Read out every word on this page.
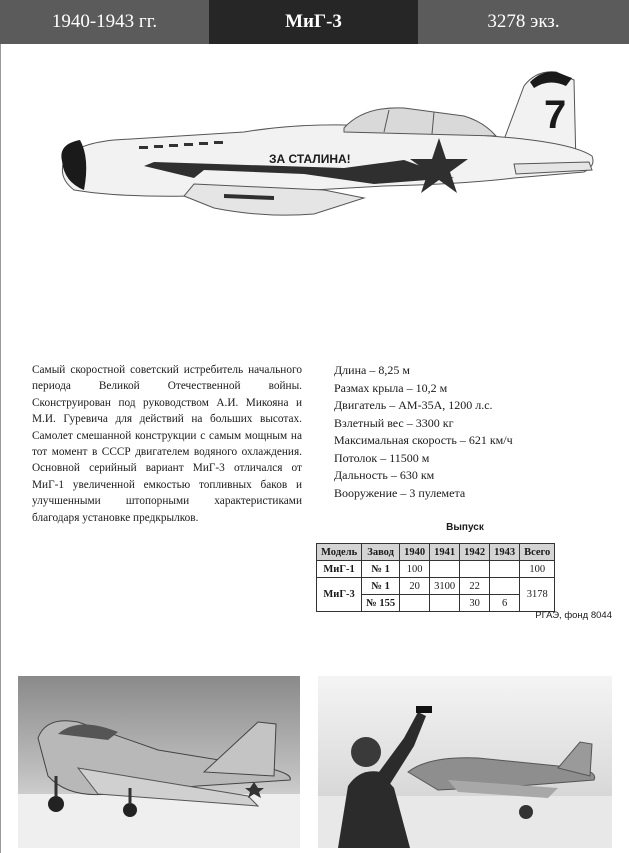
1940-1943 гг.	МиГ-3	3278 экз.
7
ЗА СТАЛИНА!
Самый скоростной советский истребитель начального периода Великой Отечественной войны. Сконструирован под руководством А.И. Микояна и М.И. Гуревича для действий на больших высотах. Самолет смешанной конструкции с самым мощным на тот момент в СССР двигателем водяного охлаждения. Основной серийный вариант МиГ-3 отличался от МиГ-1 увеличенной емкостью топливных баков и улучшенными штопорными характеристиками благодаря установке предкрылков.
Длина – 8,25 м
Размах крыла – 10,2 м
Двигатель – АМ-35А, 1200 л.с.
Взлетный вес – 3300 кг
Максимальная скорость – 621 км/ч
Потолок – 11500 м
Дальность – 630 км
Вооружение – 3 пулемета
Выпуск
Модель	Завод	1940	1941	1942	1943	Всего
МиГ-1	№ 1	100				100
МиГ-3	№ 1	20	3100	22		3178
	№ 155			30	6	
РГАЭ, фонд 8044
